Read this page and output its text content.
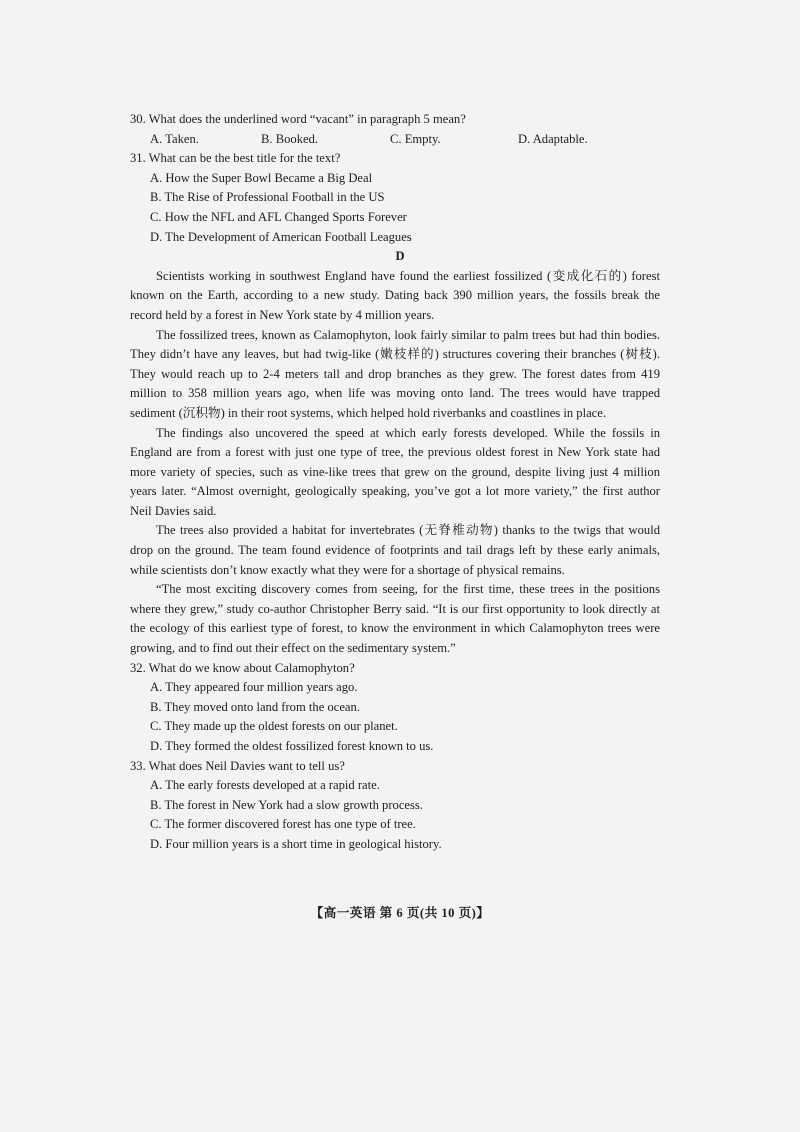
30. What does the underlined word “vacant” in paragraph 5 mean?

A. Taken.	B. Booked.	C. Empty.	D. Adaptable.

31. What can be the best title for the text?

A. How the Super Bowl Became a Big Deal

B. The Rise of Professional Football in the US

C. How the NFL and AFL Changed Sports Forever

D. The Development of American Football Leagues

D

Scientists working in southwest England have found the earliest fossilized (变成化石的) forest known on the Earth, according to a new study. Dating back 390 million years, the fossils break the record held by a forest in New York state by 4 million years.

The fossilized trees, known as Calamophyton, look fairly similar to palm trees but had thin bodies. They didn’t have any leaves, but had twig-like (嫩枝样的) structures covering their branches (树枝). They would reach up to 2-4 meters tall and drop branches as they grew. The forest dates from 419 million to 358 million years ago, when life was moving onto land. The trees would have trapped sediment (沉积物) in their root systems, which helped hold riverbanks and coastlines in place.

The findings also uncovered the speed at which early forests developed. While the fossils in England are from a forest with just one type of tree, the previous oldest forest in New York state had more variety of species, such as vine-like trees that grew on the ground, despite living just 4 million years later. “Almost overnight, geologically speaking, you’ve got a lot more variety,” the first author Neil Davies said.

The trees also provided a habitat for invertebrates (无脊椎动物) thanks to the twigs that would drop on the ground. The team found evidence of footprints and tail drags left by these early animals, while scientists don’t know exactly what they were for a shortage of physical remains.

“The most exciting discovery comes from seeing, for the first time, these trees in the positions where they grew,” study co-author Christopher Berry said. “It is our first opportunity to look directly at the ecology of this earliest type of forest, to know the environment in which Calamophyton trees were growing, and to find out their effect on the sedimentary system.”

32. What do we know about Calamophyton?

A. They appeared four million years ago.

B. They moved onto land from the ocean.

C. They made up the oldest forests on our planet.

D. They formed the oldest fossilized forest known to us.

33. What does Neil Davies want to tell us?

A. The early forests developed at a rapid rate.

B. The forest in New York had a slow growth process.

C. The former discovered forest has one type of tree.

D. Four million years is a short time in geological history.

【高一英语 第 6 页(共 10 页)】
